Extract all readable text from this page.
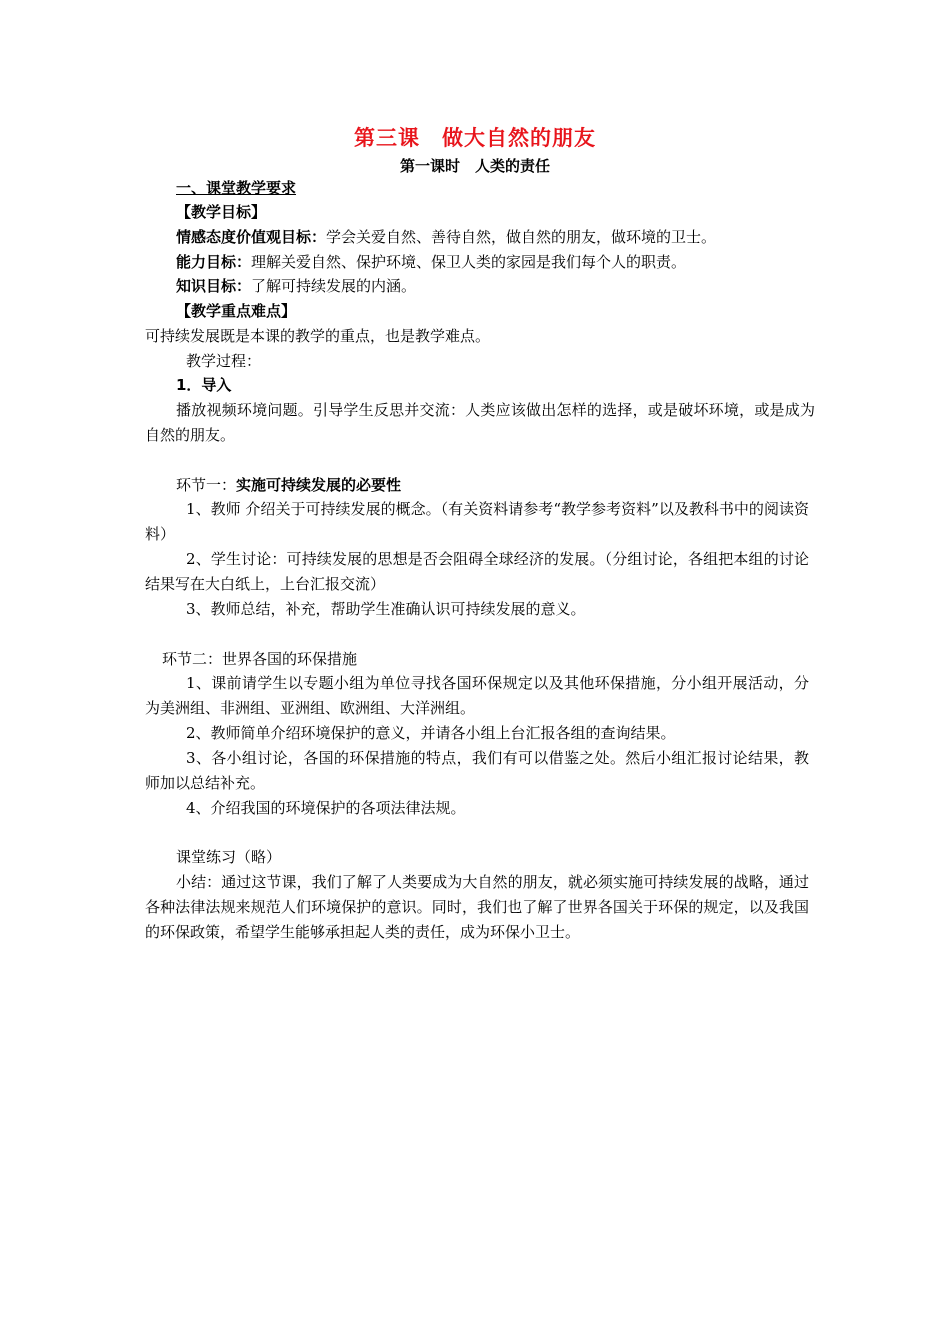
第三课　做大自然的朋友
第一课时　人类的责任
一、课堂教学要求
【教学目标】
情感态度价值观目标：学会关爱自然、善待自然，做自然的朋友，做环境的卫士。
能力目标：理解关爱自然、保护环境、保卫人类的家园是我们每个人的职责。
知识目标：了解可持续发展的内涵。
【教学重点难点】
可持续发展既是本课的教学的重点，也是教学难点。
教学过程：
1．导入
播放视频环境问题。引导学生反思并交流：人类应该做出怎样的选择，或是破坏环境，或是成为自然的朋友。
环节一：实施可持续发展的必要性
1、教师 介绍关于可持续发展的概念。（有关资料请参考“教学参考资料”以及教科书中的阅读资料）
2、学生讨论：可持续发展的思想是否会阻碍全球经济的发展。（分组讨论，各组把本组的讨论结果写在大白纸上，上台汇报交流）
3、教师总结，补充，帮助学生准确认识可持续发展的意义。
环节二：世界各国的环保措施
1、课前请学生以专题小组为单位寻找各国环保规定以及其他环保措施，分小组开展活动，分为美洲组、非洲组、亚洲组、欧洲组、大洋洲组。
2、教师简单介绍环境保护的意义，并请各小组上台汇报各组的查询结果。
3、各小组讨论，各国的环保措施的特点，我们有可以借鉴之处。然后小组汇报讨论结果，教师加以总结补充。
4、介绍我国的环境保护的各项法律法规。
课堂练习（略）
小结：通过这节课，我们了解了人类要成为大自然的朋友，就必须实施可持续发展的战略，通过各种法律法规来规范人们环境保护的意识。同时，我们也了解了世界各国关于环保的规定，以及我国的环保政策，希望学生能够承担起人类的责任，成为环保小卫士。
